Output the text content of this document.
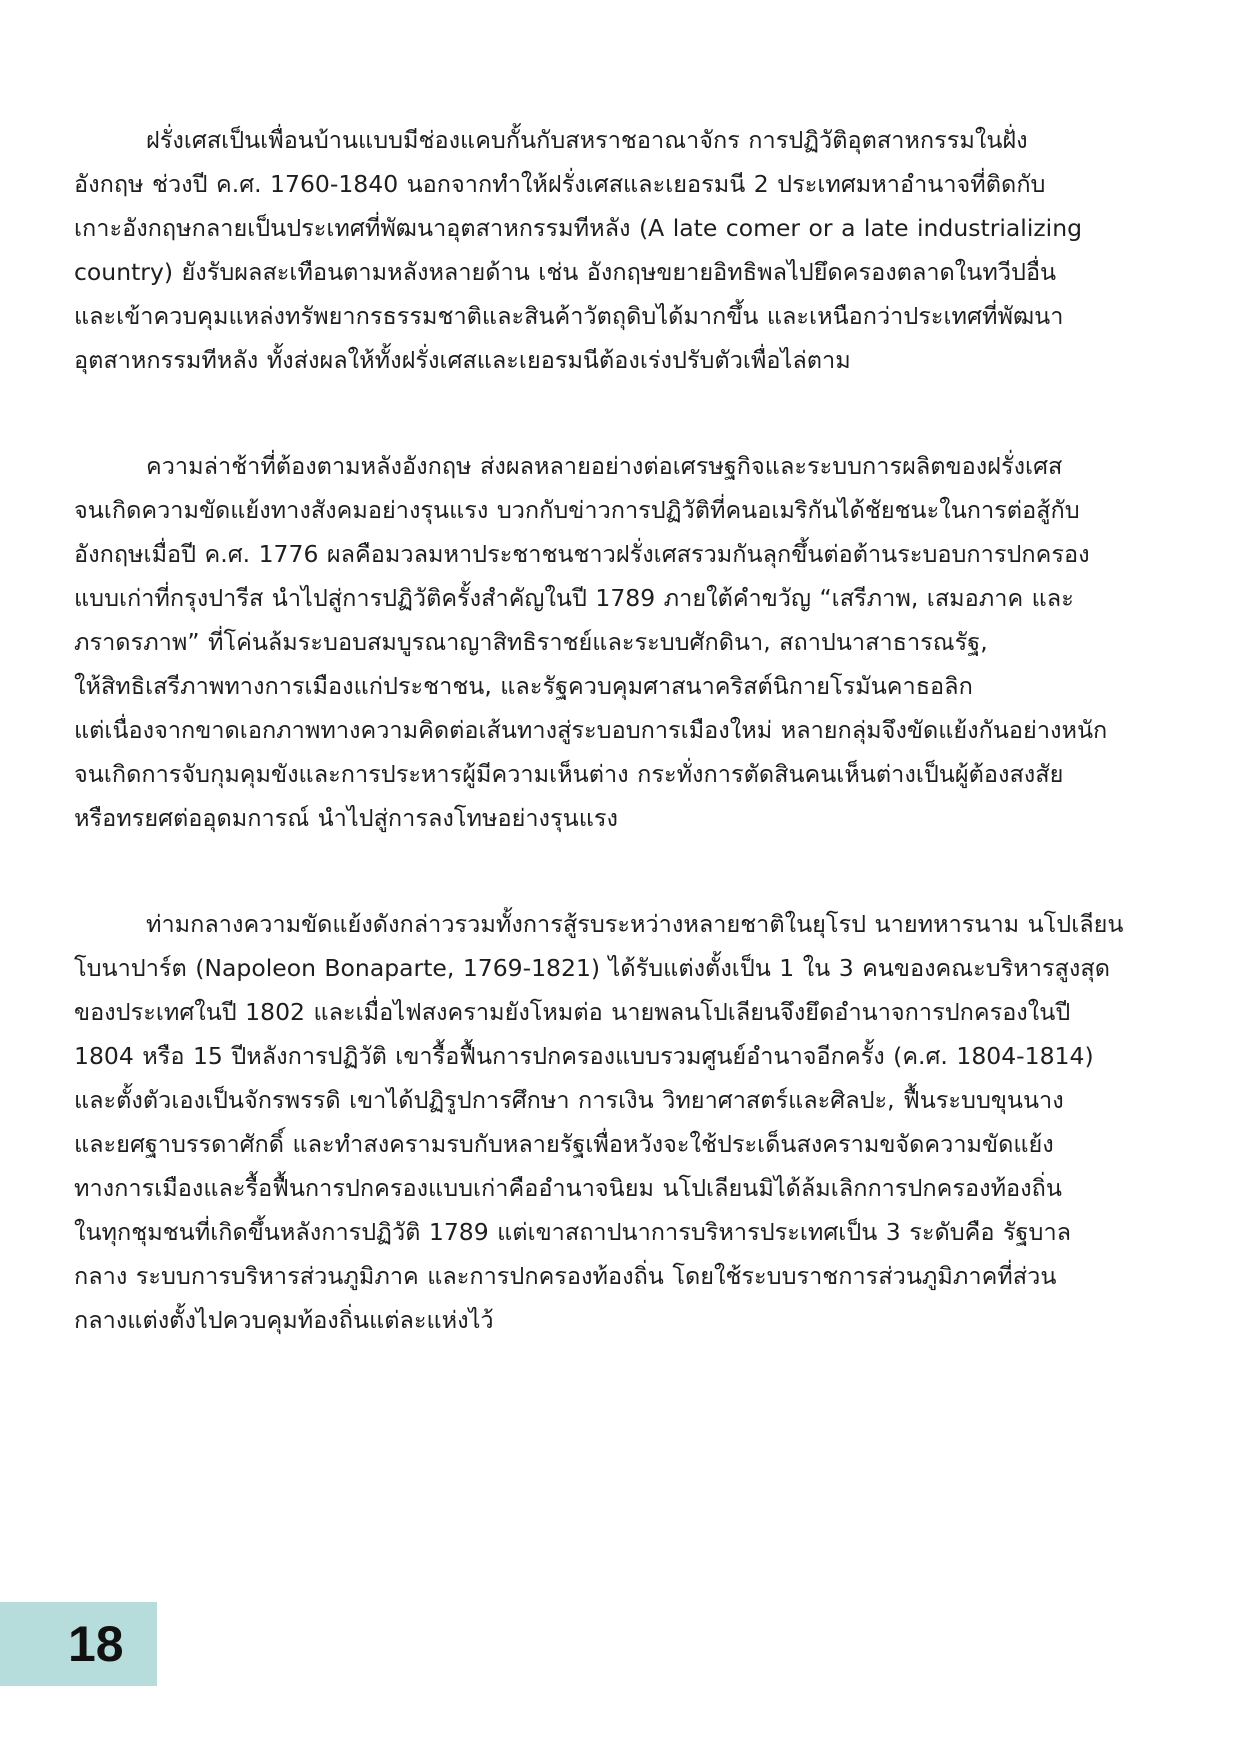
ฝรั่งเศสเป็นเพื่อนบ้านแบบมีช่องแคบกั้นกับสหราชอาณาจักร การปฏิวัติอุตสาหกรรมในฝั่ง
อังกฤษ ช่วงปี ค.ศ. 1760-1840 นอกจากทำให้ฝรั่งเศสและเยอรมนี 2 ประเทศมหาอำนาจที่ติดกับ
เกาะอังกฤษกลายเป็นประเทศที่พัฒนาอุตสาหกรรมทีหลัง (A late comer or a late industrializing
country) ยังรับผลสะเทือนตามหลังหลายด้าน เช่น อังกฤษขยายอิทธิพลไปยึดครองตลาดในทวีปอื่น
และเข้าควบคุมแหล่งทรัพยากรธรรมชาติและสินค้าวัตถุดิบได้มากขึ้น และเหนือกว่าประเทศที่พัฒนา
อุตสาหกรรมทีหลัง ทั้งส่งผลให้ทั้งฝรั่งเศสและเยอรมนีต้องเร่งปรับตัวเพื่อไล่ตาม
ความล่าช้าที่ต้องตามหลังอังกฤษ ส่งผลหลายอย่างต่อเศรษฐกิจและระบบการผลิตของฝรั่งเศส
จนเกิดความขัดแย้งทางสังคมอย่างรุนแรง บวกกับข่าวการปฏิวัติที่คนอเมริกันได้ชัยชนะในการต่อสู้กับ
อังกฤษเมื่อปี ค.ศ. 1776 ผลคือมวลมหาประชาชนชาวฝรั่งเศสรวมกันลุกขึ้นต่อต้านระบอบการปกครอง
แบบเก่าที่กรุงปารีส นำไปสู่การปฏิวัติครั้งสำคัญในปี 1789 ภายใต้คำขวัญ “เสรีภาพ, เสมอภาค และ
ภราดรภาพ” ที่โค่นล้มระบอบสมบูรณาญาสิทธิราชย์และระบบศักดินา, สถาปนาสาธารณรัฐ,
ให้สิทธิเสรีภาพทางการเมืองแก่ประชาชน, และรัฐควบคุมศาสนาคริสต์นิกายโรมันคาธอลิก
แต่เนื่องจากขาดเอกภาพทางความคิดต่อเส้นทางสู่ระบอบการเมืองใหม่ หลายกลุ่มจึงขัดแย้งกันอย่างหนัก
จนเกิดการจับกุมคุมขังและการประหารผู้มีความเห็นต่าง กระทั่งการตัดสินคนเห็นต่างเป็นผู้ต้องสงสัย
หรือทรยศต่ออุดมการณ์ นำไปสู่การลงโทษอย่างรุนแรง
ท่ามกลางความขัดแย้งดังกล่าวรวมทั้งการสู้รบระหว่างหลายชาติในยุโรป นายทหารนาม นโปเลียน
โบนาปาร์ต (Napoleon Bonaparte, 1769-1821) ได้รับแต่งตั้งเป็น 1 ใน 3 คนของคณะบริหารสูงสุด
ของประเทศในปี 1802 และเมื่อไฟสงครามยังโหมต่อ นายพลนโปเลียนจึงยึดอำนาจการปกครองในปี
1804 หรือ 15 ปีหลังการปฏิวัติ เขารื้อฟื้นการปกครองแบบรวมศูนย์อำนาจอีกครั้ง (ค.ศ. 1804-1814)
และตั้งตัวเองเป็นจักรพรรดิ เขาได้ปฏิรูปการศึกษา การเงิน วิทยาศาสตร์และศิลปะ, ฟื้นระบบขุนนาง
และยศฐาบรรดาศักดิ์ และทำสงครามรบกับหลายรัฐเพื่อหวังจะใช้ประเด็นสงครามขจัดความขัดแย้ง
ทางการเมืองและรื้อฟื้นการปกครองแบบเก่าคืออำนาจนิยม นโปเลียนมิได้ล้มเลิกการปกครองท้องถิ่น
ในทุกชุมชนที่เกิดขึ้นหลังการปฏิวัติ 1789 แต่เขาสถาปนาการบริหารประเทศเป็น 3 ระดับคือ รัฐบาล
กลาง ระบบการบริหารส่วนภูมิภาค และการปกครองท้องถิ่น โดยใช้ระบบราชการส่วนภูมิภาคที่ส่วน
กลางแต่งตั้งไปควบคุมท้องถิ่นแต่ละแห่งไว้
18
